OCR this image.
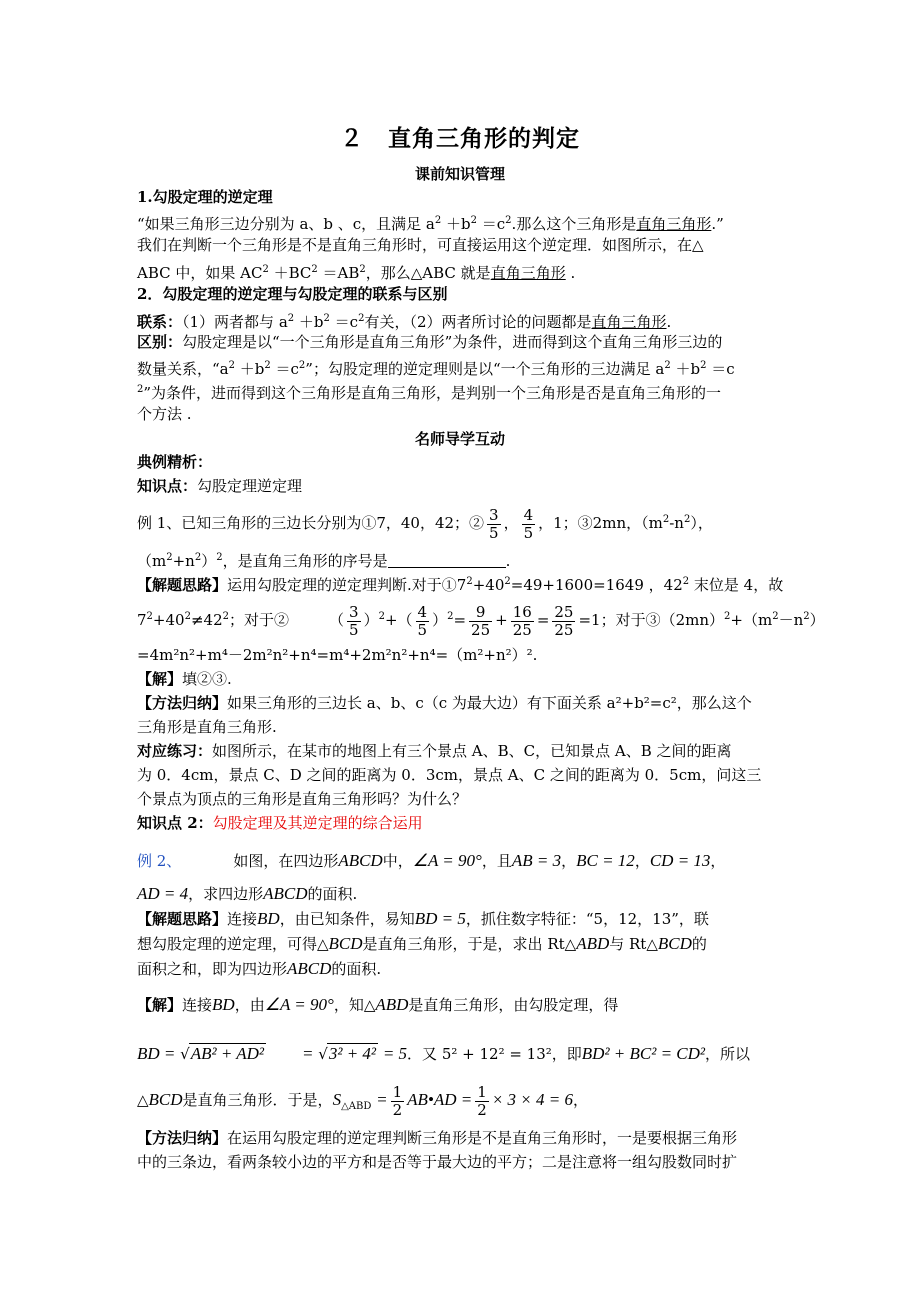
２　直角三角形的判定
课前知识管理
1.勾股定理的逆定理
“如果三角形三边分别为 a、b 、c，且满足 $a^2 +b^2 =c^2$.那么这个三角形是直角三角形.”
我们在判断一个三角形是不是直角三角形时，可直接运用这个逆定理．如图所示，在△
ABC 中，如果 $AC^2 +BC^2 =AB^2$，那么△ABC 就是直角三角形 .
2．勾股定理的逆定理与勾股定理的联系与区别
联系：（1）两者都与 $a^2 +b^2 =c^2$有关，（2）两者所讨论的问题都是直角三角形.
区别：勾股定理是以“一个三角形是直角三角形”为条件，进而得到这个直角三角形三边的
数量关系，“$a^2 +b^2 =c^2$”；勾股定理的逆定理则是以“一个三角形的三边满足 $a^2 +b^2 =c$
$^2$”为条件，进而得到这个三角形是直角三角形，是判别一个三角形是否是直角三角形的一
个方法 .
名师导学互动
典例精析：
知识点：勾股定理逆定理
例 1、已知三角形的三边长分别为①7，40，42；② $\frac{3}{5}$ ， $\frac{4}{5}$ ，1；③2mn，$(m^2-n^2)$，
$(m^2+n^2)^2$，是直角三角形的序号是	.
【解题思路】运用勾股定理的逆定理判断.对于$①7^2+40^2=49+1600=1649$ ，$42^2$ 末位是 4，故
$7^2+40^2\ne 42^2$；对于②	（ $\frac{3}{5} )^2+( \frac{4}{5} )^2= \frac{9}{25} + \frac{16}{25} = \frac{25}{25} =1$；对于$③(2mn)^2+(m^2-n^2)$
=4m²n²+m⁴－2m²n²+n⁴=m⁴+2m²n²+n⁴=（m²+n²）².
【解】填②③.
【方法归纳】如果三角形的三边长 a、b、c（c 为最大边）有下面关系 a²+b²=c²，那么这个
三角形是直角三角形.
对应练习：如图所示，在某市的地图上有三个景点 A、B、C，已知景点 A、B 之间的距离
为 0．4cm，景点 C、D 之间的距离为 0．3cm，景点 A、C 之间的距离为 0．5cm，问这三
个景点为顶点的三角形是直角三角形吗？为什么？
知识点 2：勾股定理及其逆定理的综合运用
例 2、	如图，在四边形ABCD中，∠A = 90°，且AB = 3，BC = 12，CD = 13，
AD = 4，求四边形ABCD的面积.
【解题思路】连接BD，由已知条件，易知BD = 5，抓住数字特征：“5，12，13”，联
想勾股定理的逆定理，可得△BCD是直角三角形，于是，求出 Rt△ABD与 Rt△BCD的
面积之和，即为四边形ABCD的面积.
【解】连接BD，由∠A = 90°，知△ABD是直角三角形，由勾股定理，得
BD = √AB² + AD² = √3² + 4² = 5．又 5² + 12² = 13²，即BD² + BC² = CD²，所以
△BCD是直角三角形．于是，$S_{\triangle ABD} = \frac{1}{2}$ AB•AD = $\frac{1}{2} \times 3 \times 4 = 6$，
【方法归纳】在运用勾股定理的逆定理判断三角形是不是直角三角形时，一是要根据三角形
中的三条边，看两条较小边的平方和是否等于最大边的平方；二是注意将一组勾股数同时扩
